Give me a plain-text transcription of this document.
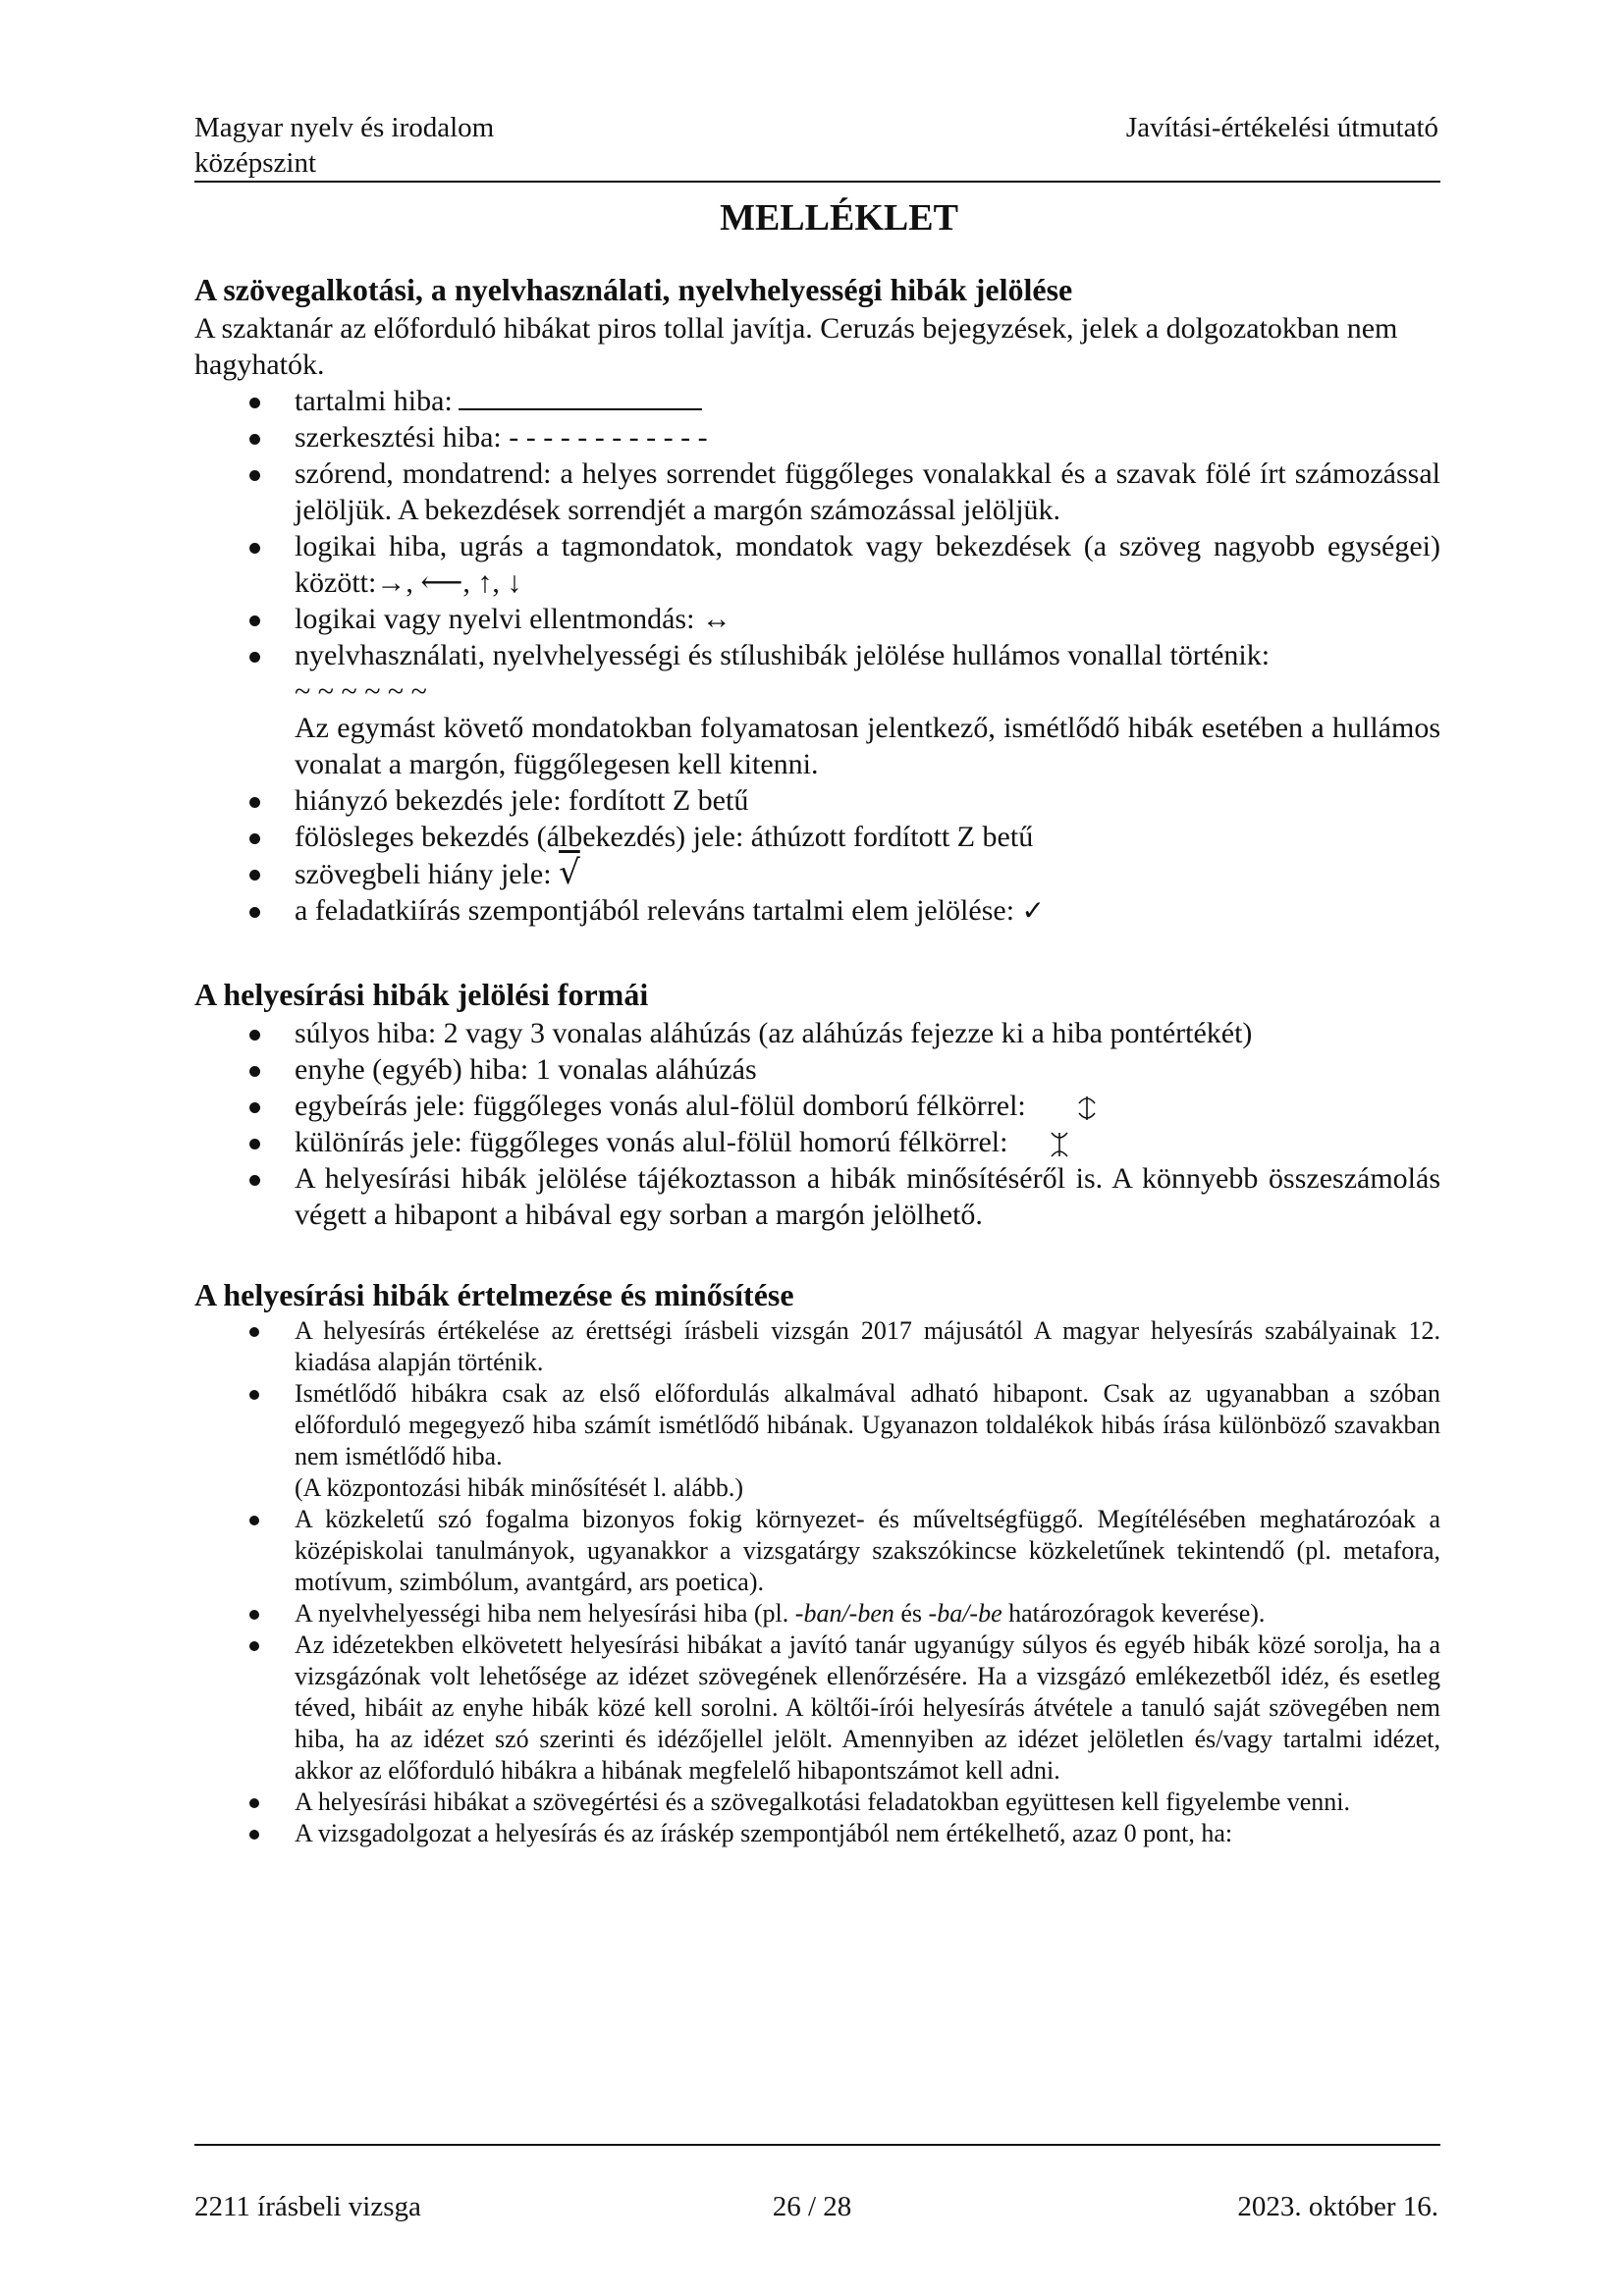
Magyar nyelv és irodalom
középszint
Javítási-értékelési útmutató
MELLÉKLET
A szövegalkotási, a nyelvhasználati, nyelvhelyességi hibák jelölése

A szaktanár az előforduló hibákat piros tollal javítja. Ceruzás bejegyzések, jelek a dolgozatokban nem hagyhatók.

tartalmi hiba:
szerkesztési hiba: - - - - - - - - - - - -
szórend, mondatrend: a helyes sorrendet függőleges vonalakkal és a szavak fölé írt számozással jelöljük. A bekezdések sorrendjét a margón számozással jelöljük.
logikai hiba, ugrás a tagmondatok, mondatok vagy bekezdések (a szöveg nagyobb egységei) között:→, ⟵, ↑, ↓
logikai vagy nyelvi ellentmondás: ↔
nyelvhasználati, nyelvhelyességi és stílushibák jelölése hullámos vonallal történik:
~ ~ ~ ~ ~ ~
Az egymást követő mondatokban folyamatosan jelentkező, ismétlődő hibák esetében a hullámos vonalat a margón, függőlegesen kell kitenni.
hiányzó bekezdés jele: fordított Z betű
fölösleges bekezdés (álbekezdés) jele: áthúzott fordított Z betű
szövegbeli hiány jele: √
a feladatkiírás szempontjából releváns tartalmi elem jelölése: ✓
A helyesírási hibák jelölési formái
súlyos hiba: 2 vagy 3 vonalas aláhúzás (az aláhúzás fejezze ki a hiba pontértékét)
enyhe (egyéb) hiba: 1 vonalas aláhúzás
egybeírás jele: függőleges vonás alul-fölül domború félkörrel:
különírás jele: függőleges vonás alul-fölül homorú félkörrel:
A helyesírási hibák jelölése tájékoztasson a hibák minősítéséről is. A könnyebb összeszámolás végett a hibapont a hibával egy sorban a margón jelölhető.
A helyesírási hibák értelmezése és minősítése
A helyesírás értékelése az érettségi írásbeli vizsgán 2017 májusától A magyar helyesírás szabályainak 12. kiadása alapján történik.
Ismétlődő hibákra csak az első előfordulás alkalmával adható hibapont. Csak az ugyanabban a szóban előforduló megegyező hiba számít ismétlődő hibának. Ugyanazon toldalékok hibás írása különböző szavakban nem ismétlődő hiba.
(A központozási hibák minősítését l. alább.)
A közkeletű szó fogalma bizonyos fokig környezet- és műveltségfüggő. Megítélésében meghatározóak a középiskolai tanulmányok, ugyanakkor a vizsgatárgy szakszókincse közkeletűnek tekintendő (pl. metafora, motívum, szimbólum, avantgárd, ars poetica).
A nyelvhelyességi hiba nem helyesírási hiba (pl. -ban/-ben és -ba/-be határozóragok keverése).
Az idézetekben elkövetett helyesírási hibákat a javító tanár ugyanúgy súlyos és egyéb hibák közé sorolja, ha a vizsgázónak volt lehetősége az idézet szövegének ellenőrzésére. Ha a vizsgázó emlékezetből idéz, és esetleg téved, hibáit az enyhe hibák közé kell sorolni. A költői-írói helyesírás átvétele a tanuló saját szövegében nem hiba, ha az idézet szó szerinti és idézőjellel jelölt. Amennyiben az idézet jelöletlen és/vagy tartalmi idézet, akkor az előforduló hibákra a hibának megfelelő hibapontszámot kell adni.
A helyesírási hibákat a szövegértési és a szövegalkotási feladatokban együttesen kell figyelembe venni.
A vizsgadolgozat a helyesírás és az íráskép szempontjából nem értékelhető, azaz 0 pont, ha:
2211 írásbeli vizsga	26 / 28	2023. október 16.
